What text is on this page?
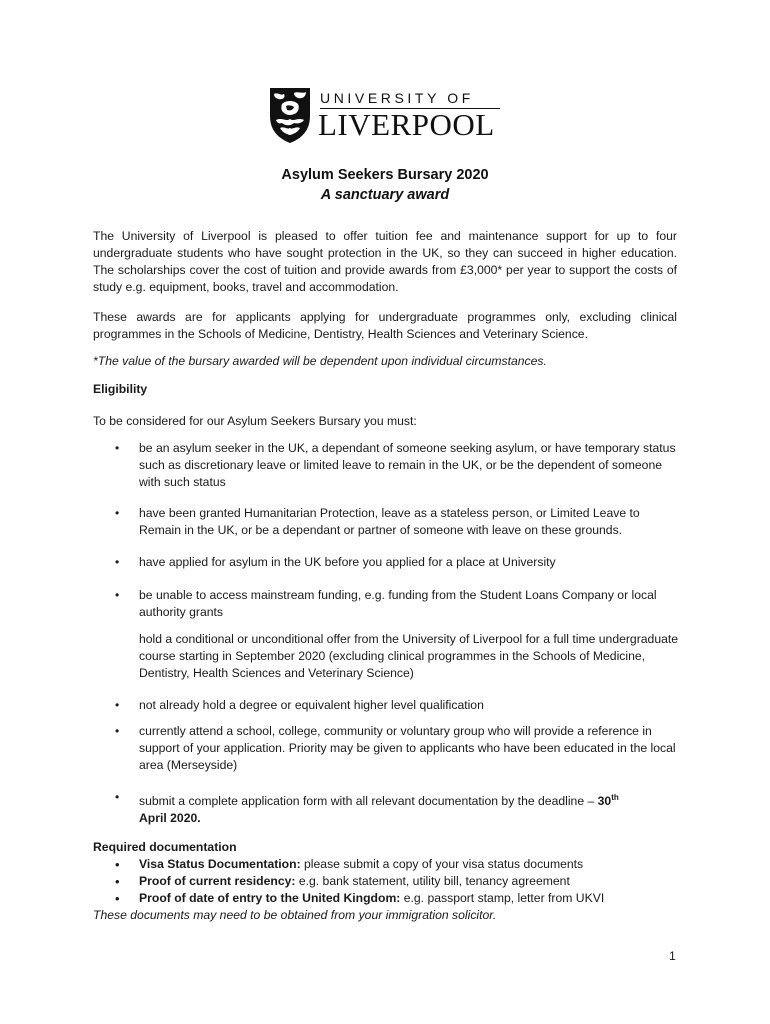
UNIVERSITY OF
LIVERPOOL
Asylum Seekers Bursary 2020
A sanctuary award

The University of Liverpool is pleased to offer tuition fee and maintenance support for up to four undergraduate students who have sought protection in the UK, so they can succeed in higher education. The scholarships cover the cost of tuition and provide awards from £3,000* per year to support the costs of study e.g. equipment, books, travel and accommodation.

These awards are for applicants applying for undergraduate programmes only, excluding clinical programmes in the Schools of Medicine, Dentistry, Health Sciences and Veterinary Science.

*The value of the bursary awarded will be dependent upon individual circumstances.

Eligibility

To be considered for our Asylum Seekers Bursary you must:

• be an asylum seeker in the UK, a dependant of someone seeking asylum, or have temporary status such as discretionary leave or limited leave to remain in the UK, or be the dependent of someone with such status
• have been granted Humanitarian Protection, leave as a stateless person, or Limited Leave to Remain in the UK, or be a dependant or partner of someone with leave on these grounds.
• have applied for asylum in the UK before you applied for a place at University
• be unable to access mainstream funding, e.g. funding from the Student Loans Company or local authority grants

hold a conditional or unconditional offer from the University of Liverpool for a full time undergraduate course starting in September 2020 (excluding clinical programmes in the Schools of Medicine, Dentistry, Health Sciences and Veterinary Science)

• not already hold a degree or equivalent higher level qualification
• currently attend a school, college, community or voluntary group who will provide a reference in support of your application. Priority may be given to applicants who have been educated in the local area (Merseyside)
• submit a complete application form with all relevant documentation by the deadline – 30th
April 2020.
Required documentation
• Visa Status Documentation: please submit a copy of your visa status documents
• Proof of current residency: e.g. bank statement, utility bill, tenancy agreement
• Proof of date of entry to the United Kingdom: e.g. passport stamp, letter from UKVI

These documents may need to be obtained from your immigration solicitor.

1
